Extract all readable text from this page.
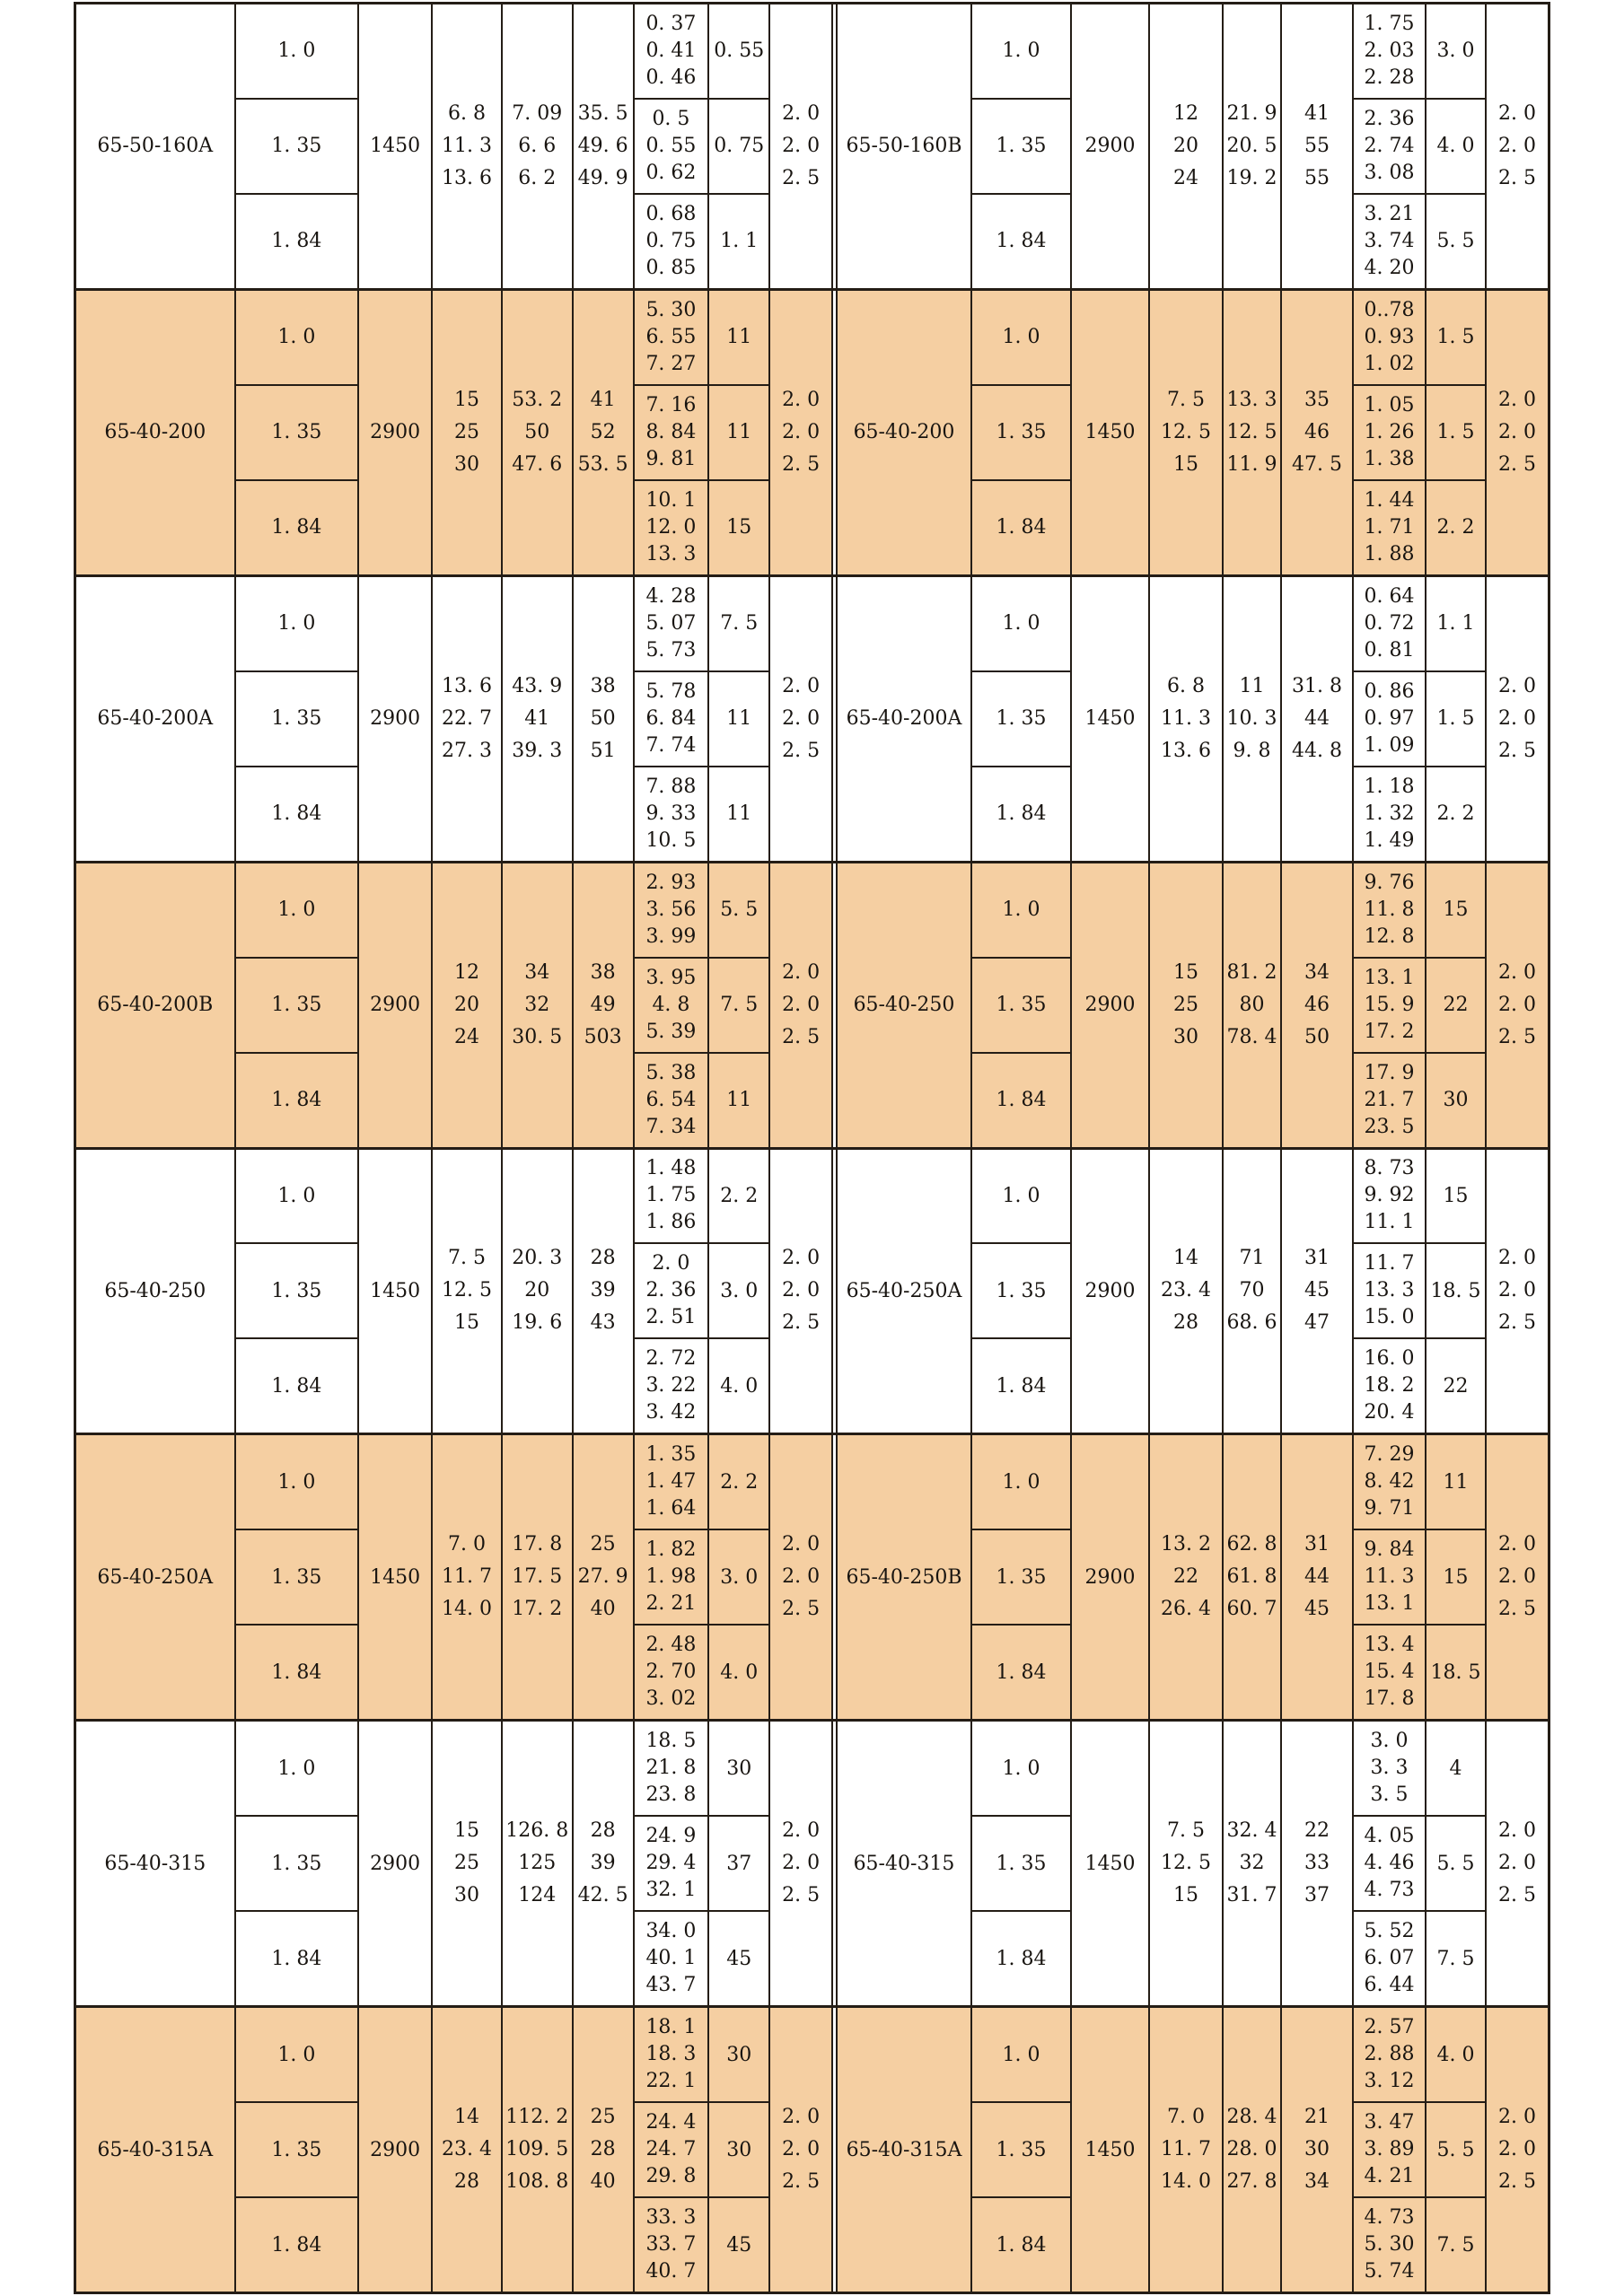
65-50-160A
1. 0
1. 35
1. 84
1450
6. 8
11. 3
13. 6
7. 09
6. 6
6. 2
35. 5
49. 6
49. 9
0. 37
0. 41
0. 46
0. 5
0. 55
0. 62
0. 68
0. 75
0. 85
0. 55
0. 75
1. 1
2. 0
2. 0
2. 5
65-50-160B
1. 0
1. 35
1. 84
2900
12
20
24
21. 9
20. 5
19. 2
41
55
55
1. 75
2. 03
2. 28
2. 36
2. 74
3. 08
3. 21
3. 74
4. 20
3. 0
4. 0
5. 5
2. 0
2. 0
2. 5
65-40-200
1. 0
1. 35
1. 84
2900
15
25
30
53. 2
50
47. 6
41
52
53. 5
5. 30
6. 55
7. 27
7. 16
8. 84
9. 81
10. 1
12. 0
13. 3
11
11
15
2. 0
2. 0
2. 5
65-40-200
1. 0
1. 35
1. 84
1450
7. 5
12. 5
15
13. 3
12. 5
11. 9
35
46
47. 5
0..78
0. 93
1. 02
1. 05
1. 26
1. 38
1. 44
1. 71
1. 88
1. 5
1. 5
2. 2
2. 0
2. 0
2. 5
65-40-200A
1. 0
1. 35
1. 84
2900
13. 6
22. 7
27. 3
43. 9
41
39. 3
38
50
51
4. 28
5. 07
5. 73
5. 78
6. 84
7. 74
7. 88
9. 33
10. 5
7. 5
11
11
2. 0
2. 0
2. 5
65-40-200A
1. 0
1. 35
1. 84
1450
6. 8
11. 3
13. 6
11
10. 3
9. 8
31. 8
44
44. 8
0. 64
0. 72
0. 81
0. 86
0. 97
1. 09
1. 18
1. 32
1. 49
1. 1
1. 5
2. 2
2. 0
2. 0
2. 5
65-40-200B
1. 0
1. 35
1. 84
2900
12
20
24
34
32
30. 5
38
49
503
2. 93
3. 56
3. 99
3. 95
4. 8
5. 39
5. 38
6. 54
7. 34
5. 5
7. 5
11
2. 0
2. 0
2. 5
65-40-250
1. 0
1. 35
1. 84
2900
15
25
30
81. 2
80
78. 4
34
46
50
9. 76
11. 8
12. 8
13. 1
15. 9
17. 2
17. 9
21. 7
23. 5
15
22
30
2. 0
2. 0
2. 5
65-40-250
1. 0
1. 35
1. 84
1450
7. 5
12. 5
15
20. 3
20
19. 6
28
39
43
1. 48
1. 75
1. 86
2. 0
2. 36
2. 51
2. 72
3. 22
3. 42
2. 2
3. 0
4. 0
2. 0
2. 0
2. 5
65-40-250A
1. 0
1. 35
1. 84
2900
14
23. 4
28
71
70
68. 6
31
45
47
8. 73
9. 92
11. 1
11. 7
13. 3
15. 0
16. 0
18. 2
20. 4
15
18. 5
22
2. 0
2. 0
2. 5
65-40-250A
1. 0
1. 35
1. 84
1450
7. 0
11. 7
14. 0
17. 8
17. 5
17. 2
25
27. 9
40
1. 35
1. 47
1. 64
1. 82
1. 98
2. 21
2. 48
2. 70
3. 02
2. 2
3. 0
4. 0
2. 0
2. 0
2. 5
65-40-250B
1. 0
1. 35
1. 84
2900
13. 2
22
26. 4
62. 8
61. 8
60. 7
31
44
45
7. 29
8. 42
9. 71
9. 84
11. 3
13. 1
13. 4
15. 4
17. 8
11
15
18. 5
2. 0
2. 0
2. 5
65-40-315
1. 0
1. 35
1. 84
2900
15
25
30
126. 8
125
124
28
39
42. 5
18. 5
21. 8
23. 8
24. 9
29. 4
32. 1
34. 0
40. 1
43. 7
30
37
45
2. 0
2. 0
2. 5
65-40-315
1. 0
1. 35
1. 84
1450
7. 5
12. 5
15
32. 4
32
31. 7
22
33
37
3. 0
3. 3
3. 5
4. 05
4. 46
4. 73
5. 52
6. 07
6. 44
4
5. 5
7. 5
2. 0
2. 0
2. 5
65-40-315A
1. 0
1. 35
1. 84
2900
14
23. 4
28
112. 2
109. 5
108. 8
25
28
40
18. 1
18. 3
22. 1
24. 4
24. 7
29. 8
33. 3
33. 7
40. 7
30
30
45
2. 0
2. 0
2. 5
65-40-315A
1. 0
1. 35
1. 84
1450
7. 0
11. 7
14. 0
28. 4
28. 0
27. 8
21
30
34
2. 57
2. 88
3. 12
3. 47
3. 89
4. 21
4. 73
5. 30
5. 74
4. 0
5. 5
7. 5
2. 0
2. 0
2. 5
